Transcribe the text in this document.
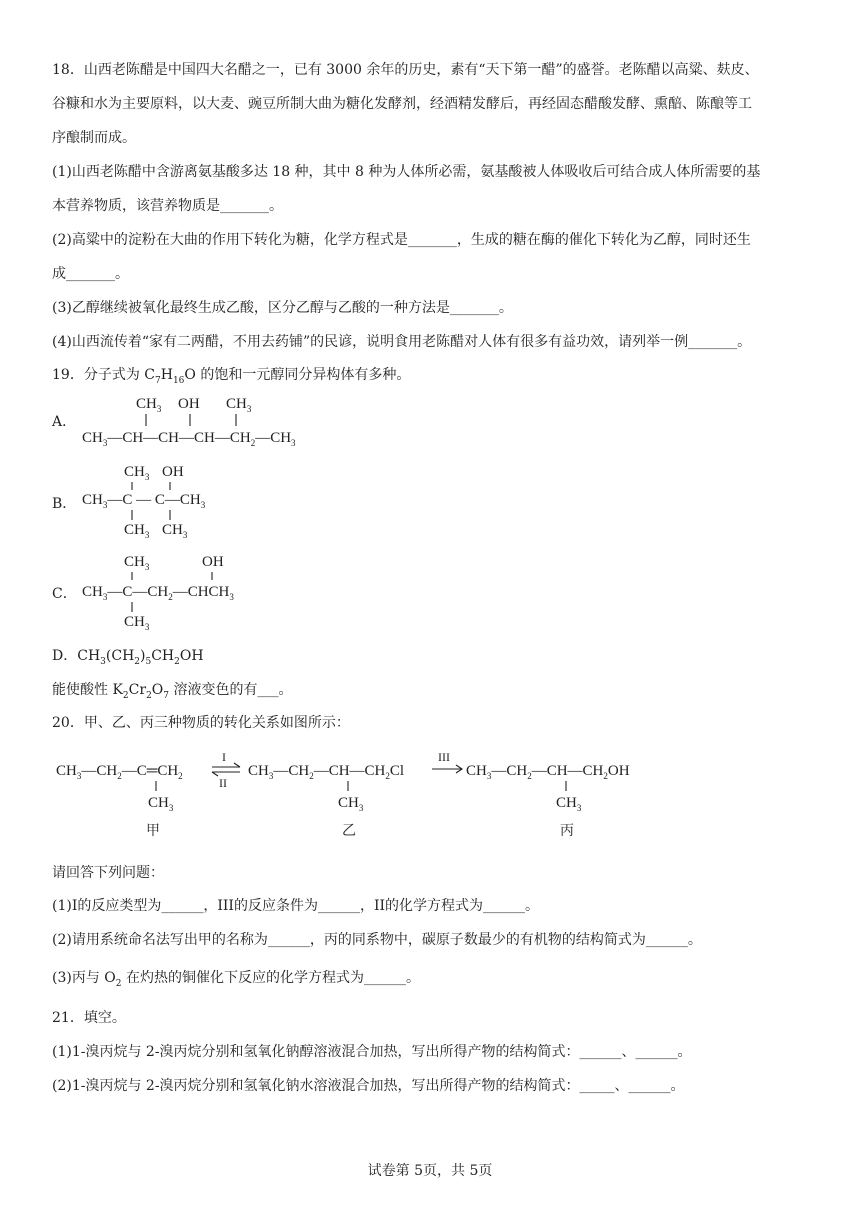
18．山西老陈醋是中国四大名醋之一，已有 3000 余年的历史，素有“天下第一醋”的盛誉。老陈醋以高粱、麸皮、
谷糠和水为主要原料，以大麦、豌豆所制大曲为糖化发酵剂，经酒精发酵后，再经固态醋酸发酵、熏醅、陈酿等工
序酿制而成。
(1)山西老陈醋中含游离氨基酸多达 18 种，其中 8 种为人体所必需，氨基酸被人体吸收后可结合成人体所需要的基
本营养物质，该营养物质是_______。
(2)高粱中的淀粉在大曲的作用下转化为糖，化学方程式是_______，生成的糖在酶的催化下转化为乙醇，同时还生
成_______。
(3)乙醇继续被氧化最终生成乙酸，区分乙醇与乙酸的一种方法是_______。
(4)山西流传着“家有二两醋，不用去药铺”的民谚，说明食用老陈醋对人体有很多有益功效，请列举一例_______。
19．分子式为 $C_7H_{16}O$ 的饱和一元醇同分异构体有多种。
A．
$CH_3$ OH $CH_3$
$CH_3—CH—CH—CH—CH_2—CH_3$
B．
$CH_3$ OH
$CH_3—C$ — $C—CH_3$
$CH_3$ $CH_3$
C．
$CH_3$	OH
$CH_3—C—CH_2—CHCH_3$
$CH_3$
D．$CH_3(CH_2)_5CH_2OH$
能使酸性 $K_2Cr_2O_7$ 溶液变色的有___。
20．甲、乙、丙三种物质的转化关系如图所示：
$CH_3—CH_2—C═CH_2$
$CH_3$
甲
I
II
$CH_3—CH_2—CH—CH_2Cl$
$CH_3$
乙
III
$CH_3—CH_2—CH—CH_2OH$
$CH_3$
丙
请回答下列问题：
(1)I的反应类型为______，III的反应条件为______，II的化学方程式为______。
(2)请用系统命名法写出甲的名称为______，丙的同系物中，碳原子数最少的有机物的结构简式为______。
(3)丙与 $O_2$ 在灼热的铜催化下反应的化学方程式为______。
21．填空。
(1)1-溴丙烷与 2-溴丙烷分别和氢氧化钠醇溶液混合加热，写出所得产物的结构简式：______、______。
(2)1-溴丙烷与 2-溴丙烷分别和氢氧化钠水溶液混合加热，写出所得产物的结构简式：_____、______。
试卷第 5页，共 5页
